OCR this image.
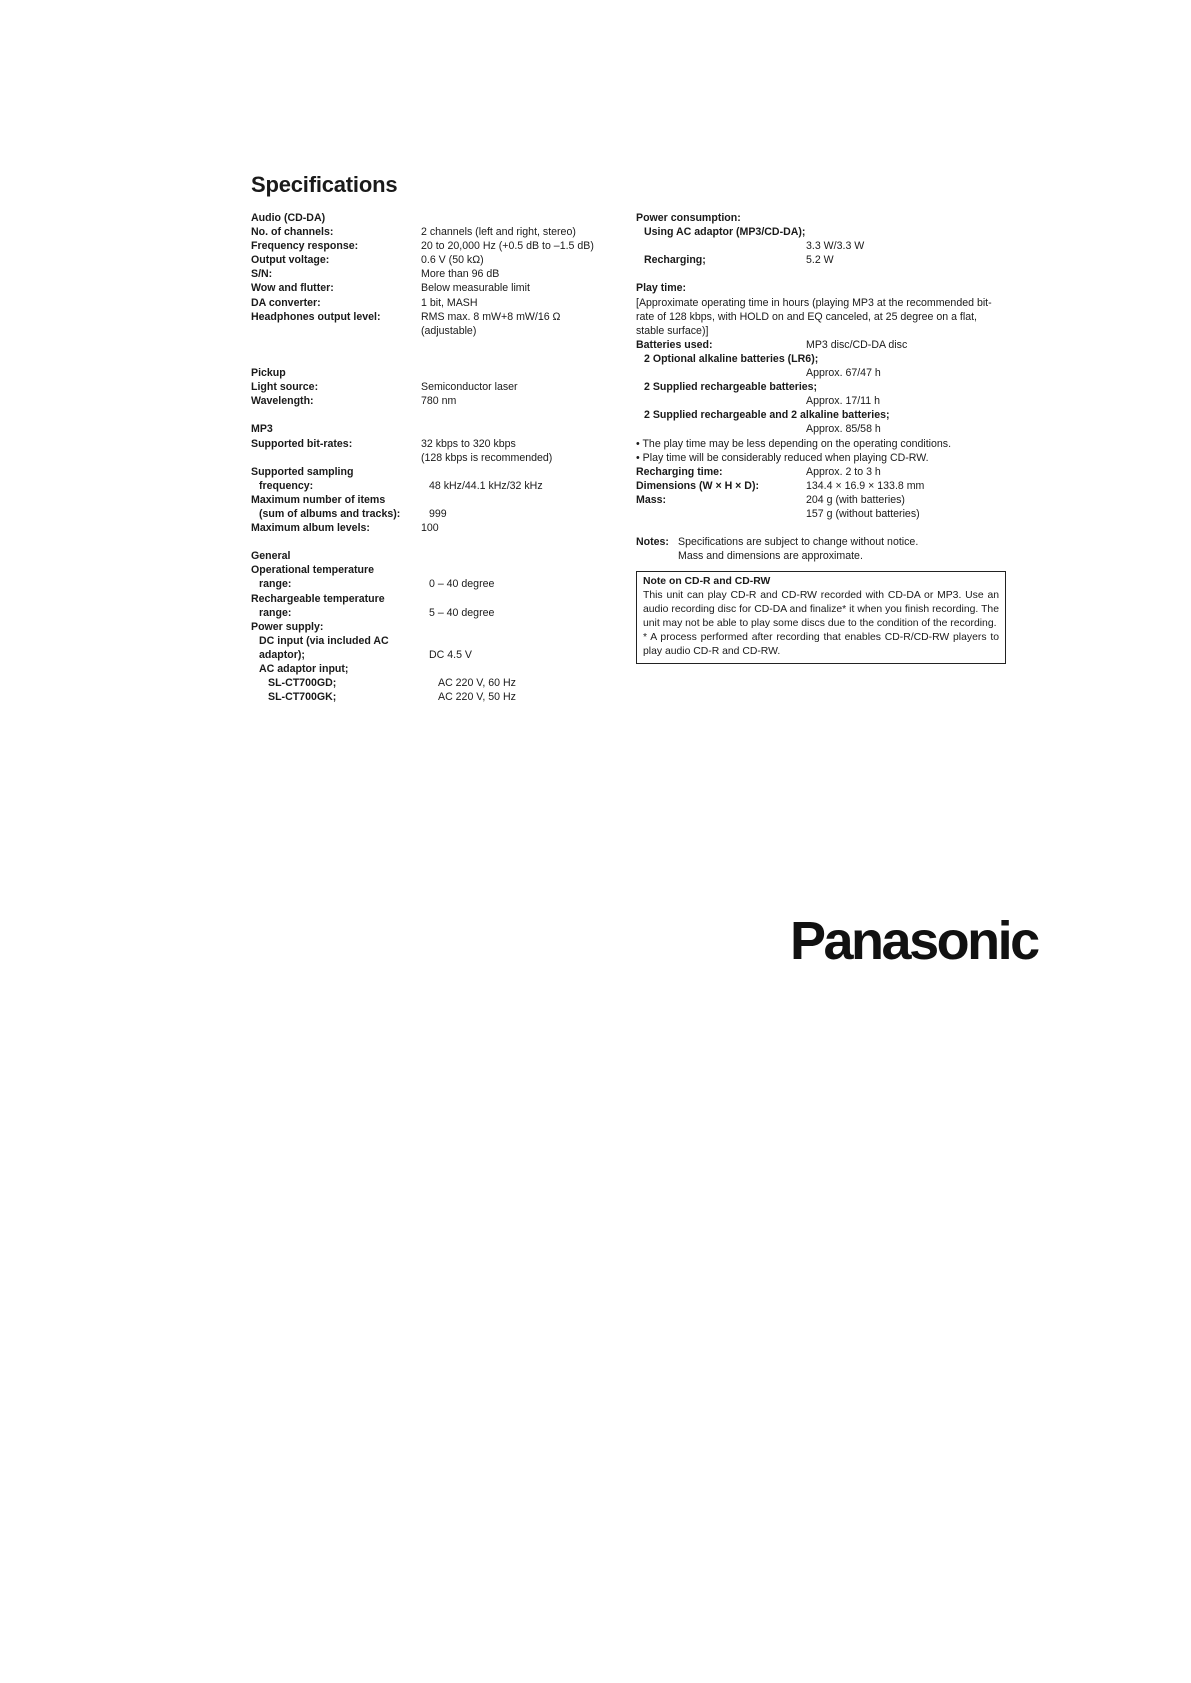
Specifications
Audio (CD-DA)
No. of channels:	2 channels (left and right, stereo)
Frequency response:	20 to 20,000 Hz (+0.5 dB to –1.5 dB)
Output voltage:	0.6 V (50 kΩ)
S/N:	More than 96 dB
Wow and flutter:	Below measurable limit
DA converter:	1 bit, MASH
Headphones output level:	RMS max. 8 mW+8 mW/16 Ω
(adjustable)
Pickup
Light source:	Semiconductor laser
Wavelength:	780 nm
MP3
Supported bit-rates:	32 kbps to 320 kbps
(128 kbps is recommended)
Supported sampling
frequency:	48 kHz/44.1 kHz/32 kHz
Maximum number of items
(sum of albums and tracks):	999
Maximum album levels:	100
General
Operational temperature
range:	0 – 40 degree
Rechargeable temperature
range:	5 – 40 degree
Power supply:
DC input (via included AC
adaptor);	DC 4.5 V
AC adaptor input;
SL-CT700GD;	AC 220 V, 60 Hz
SL-CT700GK;	AC 220 V, 50 Hz
Power consumption:
Using AC adaptor (MP3/CD-DA);
3.3 W/3.3 W
Recharging;	5.2 W
Play time:
[Approximate operating time in hours (playing MP3 at the recommended bit-rate of 128 kbps, with HOLD on and EQ canceled, at 25 degree on a flat, stable surface)]
Batteries used:	MP3 disc/CD-DA disc
2 Optional alkaline batteries (LR6);
Approx. 67/47 h
2 Supplied rechargeable batteries;
Approx. 17/11 h
2 Supplied rechargeable and 2 alkaline batteries;
Approx. 85/58 h
• The play time may be less depending on the operating conditions.
• Play time will be considerably reduced when playing CD-RW.
Recharging time:	Approx. 2 to 3 h
Dimensions (W × H × D):	134.4 × 16.9 × 133.8 mm
Mass:	204 g (with batteries)
157 g (without batteries)
Notes: Specifications are subject to change without notice.
Mass and dimensions are approximate.
Note on CD-R and CD-RW
This unit can play CD-R and CD-RW recorded with CD-DA or MP3. Use an audio recording disc for CD-DA and finalize* it when you finish recording. The unit may not be able to play some discs due to the condition of the recording.
* A process performed after recording that enables CD-R/CD-RW players to play audio CD-R and CD-RW.
Panasonic
